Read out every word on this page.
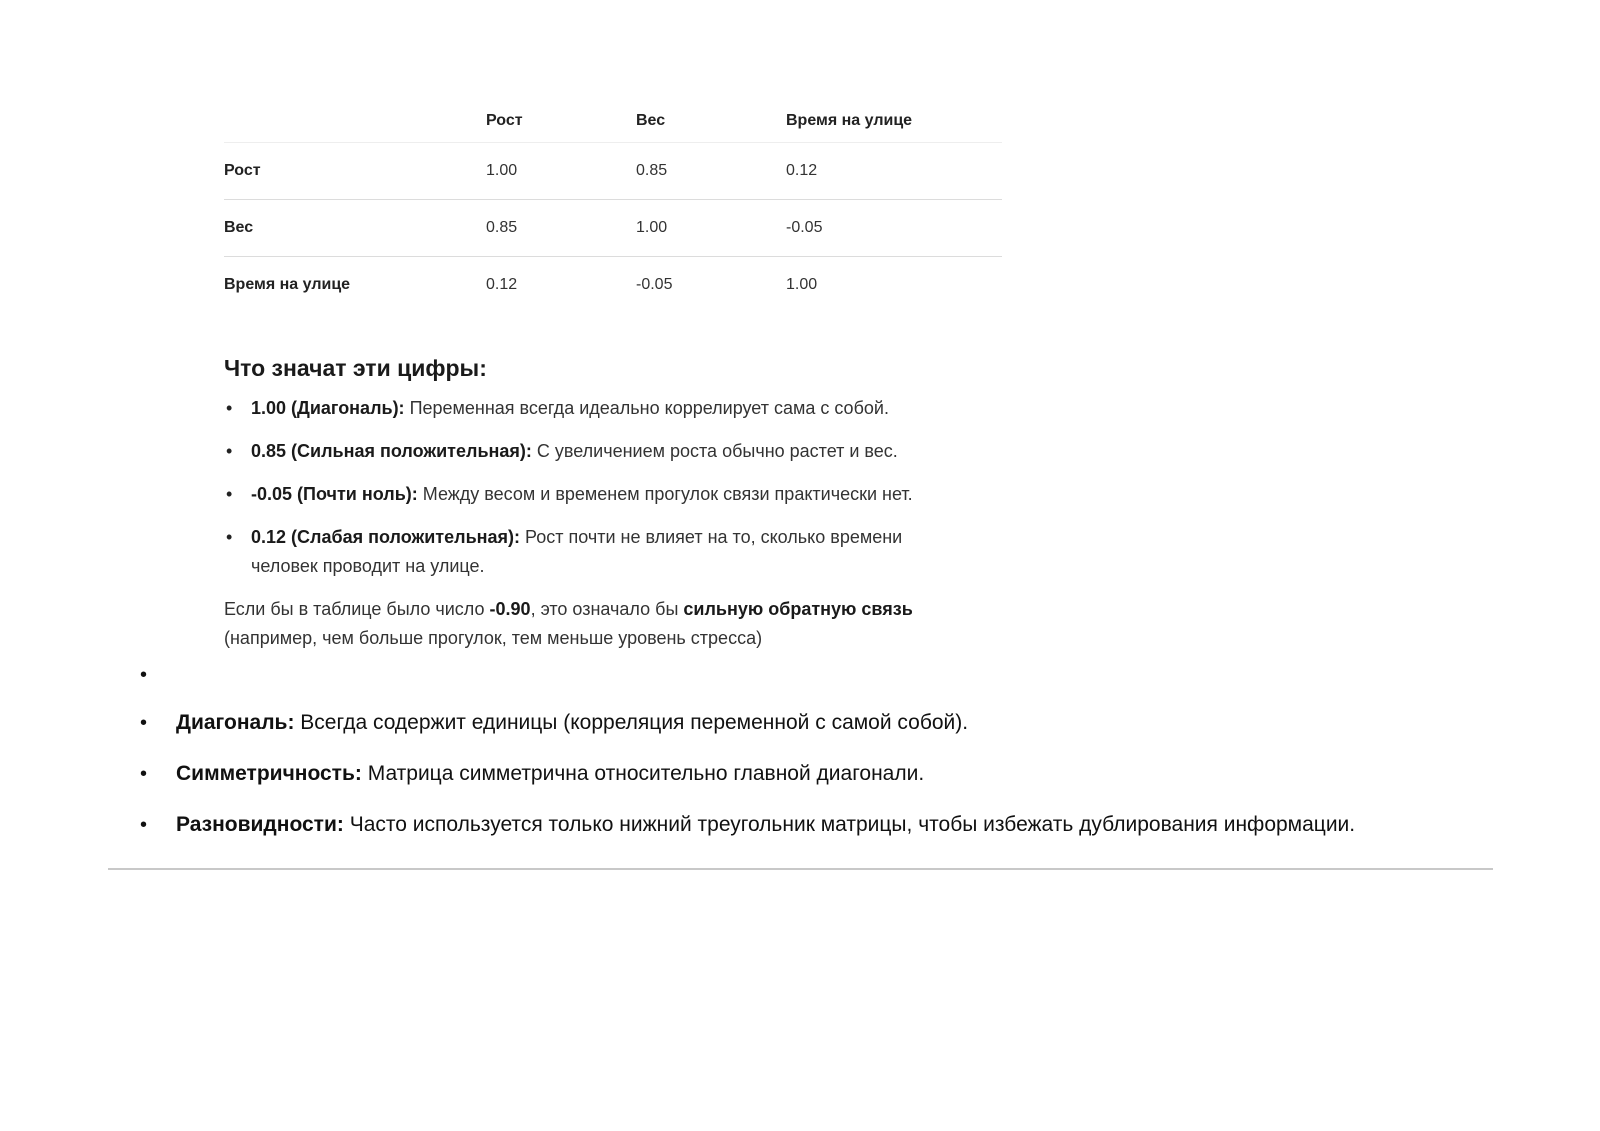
	Рост	Вес	Время на улице
Рост	1.00	0.85	0.12
Вес	0.85	1.00	-0.05
Время на улице	0.12	-0.05	1.00
Что значат эти цифры:
• 1.00 (Диагональ): Переменная всегда идеально коррелирует сама с собой.
• 0.85 (Сильная положительная): С увеличением роста обычно растет и вес.
• -0.05 (Почти ноль): Между весом и временем прогулок связи практически нет.
• 0.12 (Слабая положительная): Рост почти не влияет на то, сколько времени человек проводит на улице.

Если бы в таблице было число -0.90, это означало бы сильную обратную связь (например, чем больше прогулок, тем меньше уровень стресса)

•
• Диагональ: Всегда содержит единицы (корреляция переменной с самой собой).
• Симметричность: Матрица симметрична относительно главной диагонали.
• Разновидности: Часто используется только нижний треугольник матрицы, чтобы избежать дублирования информации.
